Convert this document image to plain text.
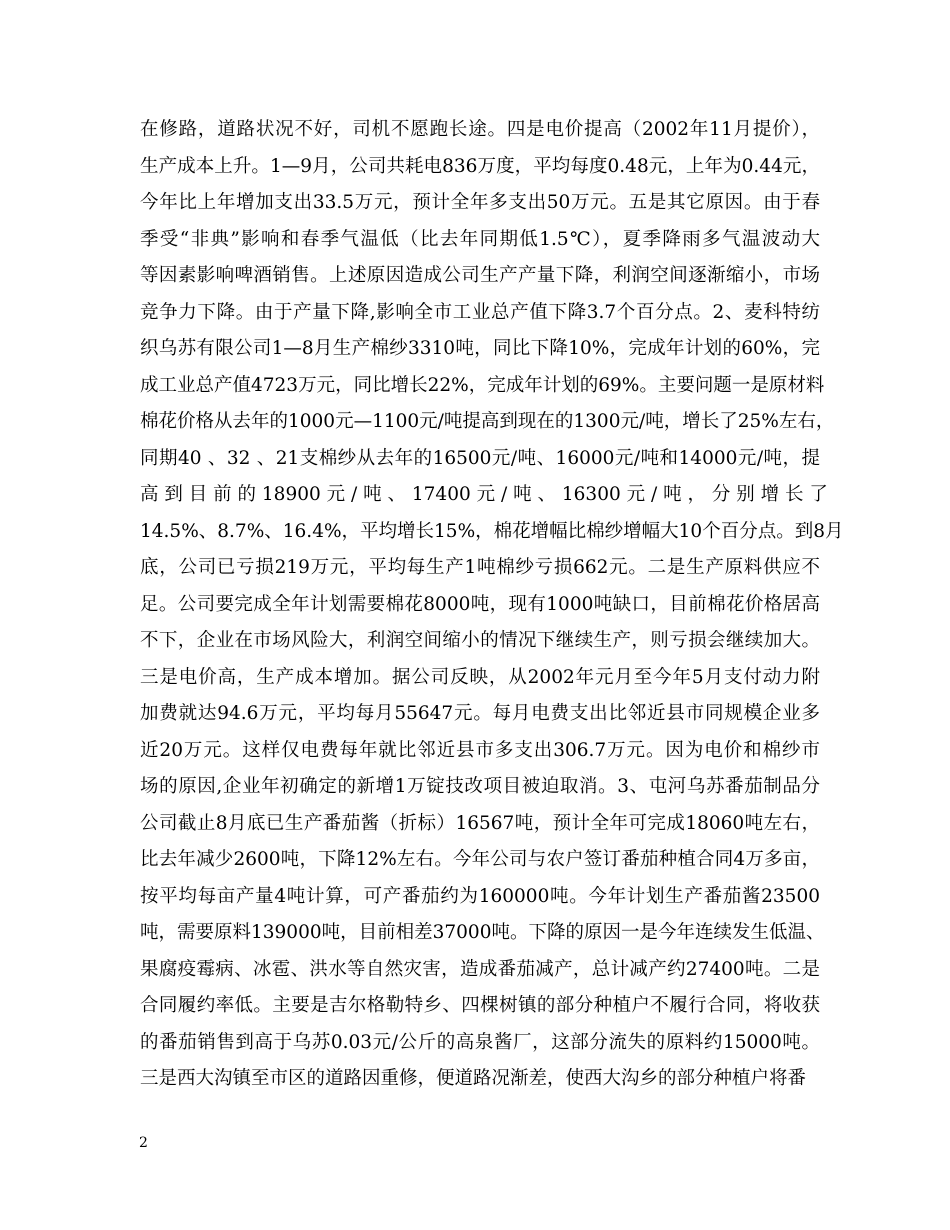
在修路，道路状况不好，司机不愿跑长途。四是电价提高（2002年11月提价），
生产成本上升。1—9月，公司共耗电836万度，平均每度0.48元，上年为0.44元，
今年比上年增加支出33.5万元，预计全年多支出50万元。五是其它原因。由于春
季受“非典”影响和春季气温低（比去年同期低1.5℃），夏季降雨多气温波动大
等因素影响啤酒销售。上述原因造成公司生产产量下降，利润空间逐渐缩小，市场
竞争力下降。由于产量下降,影响全市工业总产值下降3.7个百分点。2、麦科特纺
织乌苏有限公司1—8月生产棉纱3310吨，同比下降10%，完成年计划的60%，完
成工业总产值4723万元，同比增长22%，完成年计划的69%。主要问题一是原材料
棉花价格从去年的1000元—1100元/吨提高到现在的1300元/吨，增长了25%左右，
同期40 、32 、21支棉纱从去年的16500元/吨、16000元/吨和14000元/吨，提
高 到 目 前 的 18900 元 / 吨 、 17400 元 / 吨 、 16300 元 / 吨 ， 分 别 增 长 了
14.5%、8.7%、16.4%，平均增长15%，棉花增幅比棉纱增幅大10个百分点。到8月
底，公司已亏损219万元，平均每生产1吨棉纱亏损662元。二是生产原料供应不
足。公司要完成全年计划需要棉花8000吨，现有1000吨缺口，目前棉花价格居高
不下，企业在市场风险大，利润空间缩小的情况下继续生产，则亏损会继续加大。
三是电价高，生产成本增加。据公司反映，从2002年元月至今年5月支付动力附
加费就达94.6万元，平均每月55647元。每月电费支出比邻近县市同规模企业多
近20万元。这样仅电费每年就比邻近县市多支出306.7万元。因为电价和棉纱市
场的原因,企业年初确定的新增1万锭技改项目被迫取消。3、屯河乌苏番茄制品分
公司截止8月底已生产番茄酱（折标）16567吨，预计全年可完成18060吨左右，
比去年减少2600吨，下降12%左右。今年公司与农户签订番茄种植合同4万多亩，
按平均每亩产量4吨计算，可产番茄约为160000吨。今年计划生产番茄酱23500
吨，需要原料139000吨，目前相差37000吨。下降的原因一是今年连续发生低温、
果腐疫霉病、冰雹、洪水等自然灾害，造成番茄减产，总计减产约27400吨。二是
合同履约率低。主要是吉尔格勒特乡、四棵树镇的部分种植户不履行合同，将收获
的番茄销售到高于乌苏0.03元/公斤的高泉酱厂，这部分流失的原料约15000吨。
三是西大沟镇至市区的道路因重修，便道路况渐差，使西大沟乡的部分种植户将番
2
